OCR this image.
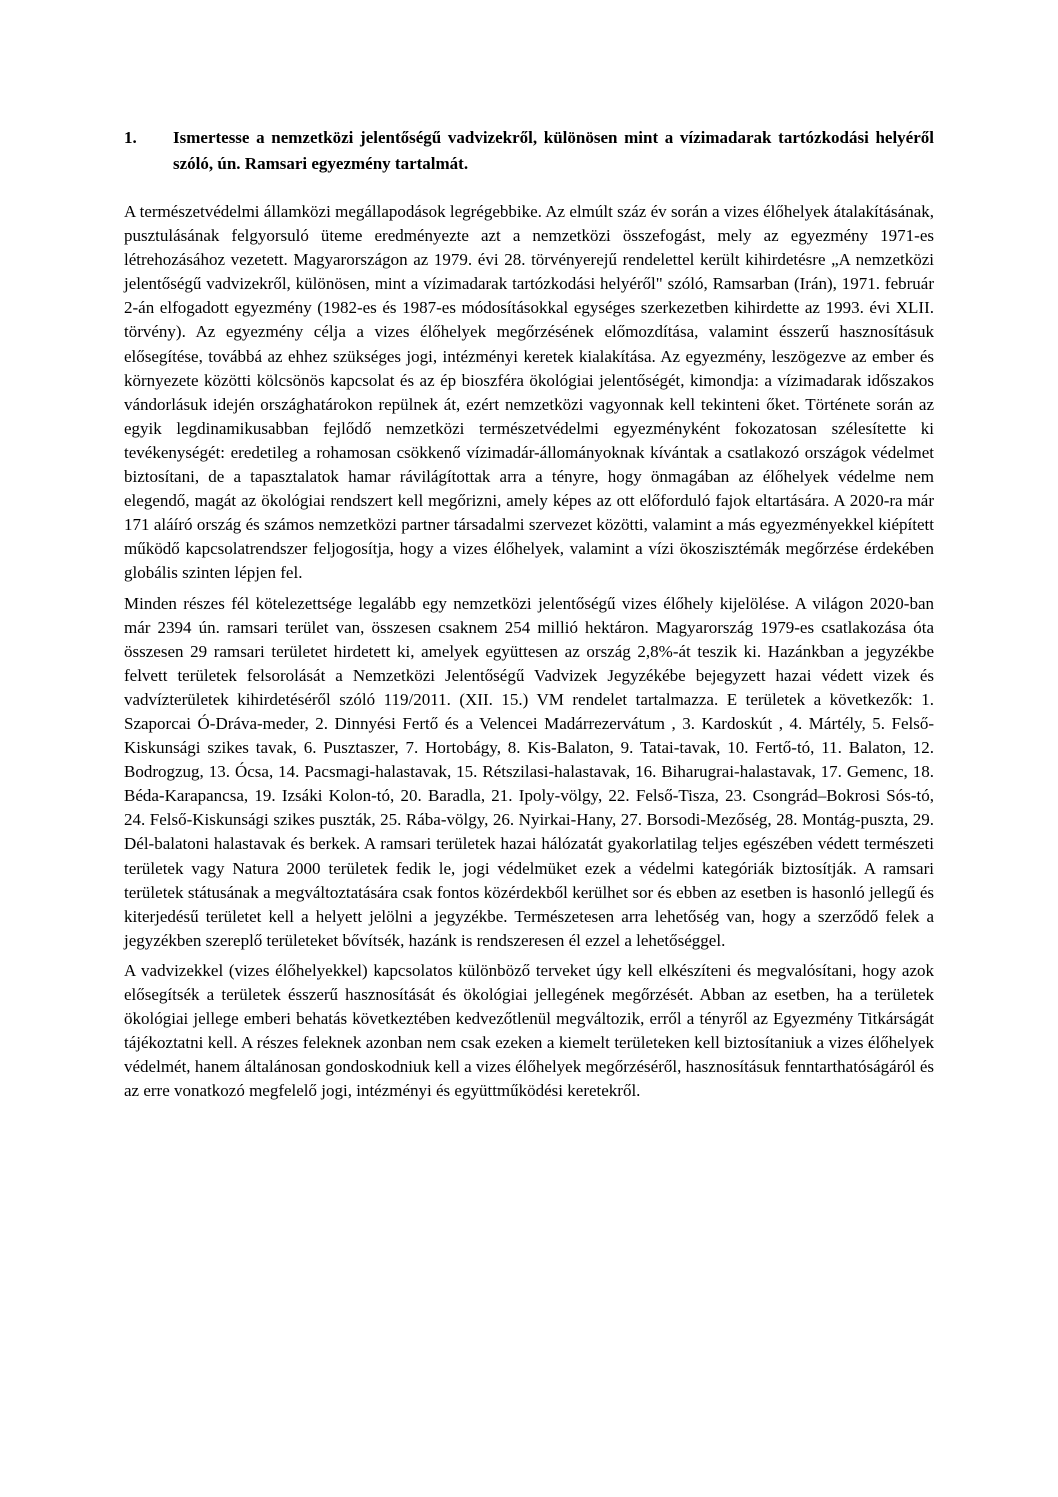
1.	Ismertesse a nemzetközi jelentőségű vadvizekről, különösen mint a vízimadarak tartózkodási helyéről szóló, ún. Ramsari egyezmény tartalmát.

A természetvédelmi államközi megállapodások legrégebbike. Az elmúlt száz év során a vizes élőhelyek átalakításának, pusztulásának felgyorsuló üteme eredményezte azt a nemzetközi összefogást, mely az egyezmény 1971-es létrehozásához vezetett. Magyarországon az 1979. évi 28. törvényerejű rendelettel került kihirdetésre „A nemzetközi jelentőségű vadvizekről, különösen, mint a vízimadarak tartózkodási helyéről" szóló, Ramsarban (Irán), 1971. február 2-án elfogadott egyezmény (1982-es és 1987-es módosításokkal egységes szerkezetben kihirdette az 1993. évi XLII. törvény). Az egyezmény célja a vizes élőhelyek megőrzésének előmozdítása, valamint ésszerű hasznosításuk elősegítése, továbbá az ehhez szükséges jogi, intézményi keretek kialakítása. Az egyezmény, leszögezve az ember és környezete közötti kölcsönös kapcsolat és az ép bioszféra ökológiai jelentőségét, kimondja: a vízimadarak időszakos vándorlásuk idején országhatárokon repülnek át, ezért nemzetközi vagyonnak kell tekinteni őket. Története során az egyik legdinamikusabban fejlődő nemzetközi természetvédelmi egyezményként fokozatosan szélesítette ki tevékenységét: eredetileg a rohamosan csökkenő vízimadár-állományoknak kívántak a csatlakozó országok védelmet biztosítani, de a tapasztalatok hamar rávilágítottak arra a tényre, hogy önmagában az élőhelyek védelme nem elegendő, magát az ökológiai rendszert kell megőrizni, amely képes az ott előforduló fajok eltartására. A 2020-ra már 171 aláíró ország és számos nemzetközi partner társadalmi szervezet közötti, valamint a más egyezményekkel kiépített működő kapcsolatrendszer feljogosítja, hogy a vizes élőhelyek, valamint a vízi ökoszisztémák megőrzése érdekében globális szinten lépjen fel.

Minden részes fél kötelezettsége legalább egy nemzetközi jelentőségű vizes élőhely kijelölése. A világon 2020-ban már 2394 ún. ramsari terület van, összesen csaknem 254 millió hektáron. Magyarország 1979-es csatlakozása óta összesen 29 ramsari területet hirdetett ki, amelyek együttesen az ország 2,8%-át teszik ki. Hazánkban a jegyzékbe felvett területek felsorolását a Nemzetközi Jelentőségű Vadvizek Jegyzékébe bejegyzett hazai védett vizek és vadvízterületek kihirdetéséről szóló 119/2011. (XII. 15.) VM rendelet tartalmazza. E területek a következők: 1. Szaporcai Ó-Dráva-meder, 2. Dinnyési Fertő és a Velencei Madárrezervátum , 3. Kardoskút , 4. Mártély, 5. Felső-Kiskunsági szikes tavak, 6. Pusztaszer, 7. Hortobágy, 8. Kis-Balaton, 9. Tatai-tavak, 10. Fertő-tó, 11. Balaton, 12. Bodrogzug, 13. Ócsa, 14. Pacsmagi-halastavak, 15. Rétszilasi-halastavak, 16. Biharugrai-halastavak, 17. Gemenc, 18. Béda-Karapancsa, 19. Izsáki Kolon-tó, 20. Baradla, 21. Ipoly-völgy, 22. Felső-Tisza, 23. Csongrád–Bokrosi Sós-tó, 24. Felső-Kiskunsági szikes puszták, 25. Rába-völgy, 26. Nyirkai-Hany, 27. Borsodi-Mezőség, 28. Montág-puszta, 29. Dél-balatoni halastavak és berkek. A ramsari területek hazai hálózatát gyakorlatilag teljes egészében védett természeti területek vagy Natura 2000 területek fedik le, jogi védelmüket ezek a védelmi kategóriák biztosítják. A ramsari területek státusának a megváltoztatására csak fontos közérdekből kerülhet sor és ebben az esetben is hasonló jellegű és kiterjedésű területet kell a helyett jelölni a jegyzékbe. Természetesen arra lehetőség van, hogy a szerződő felek a jegyzékben szereplő területeket bővítsék, hazánk is rendszeresen él ezzel a lehetőséggel.

A vadvizekkel (vizes élőhelyekkel) kapcsolatos különböző terveket úgy kell elkészíteni és megvalósítani, hogy azok elősegítsék a területek ésszerű hasznosítását és ökológiai jellegének megőrzését. Abban az esetben, ha a területek ökológiai jellege emberi behatás következtében kedvezőtlenül megváltozik, erről a tényről az Egyezmény Titkárságát tájékoztatni kell. A részes feleknek azonban nem csak ezeken a kiemelt területeken kell biztosítaniuk a vizes élőhelyek védelmét, hanem általánosan gondoskodniuk kell a vizes élőhelyek megőrzéséről, hasznosításuk fenntarthatóságáról és az erre vonatkozó megfelelő jogi, intézményi és együttműködési keretekről.
